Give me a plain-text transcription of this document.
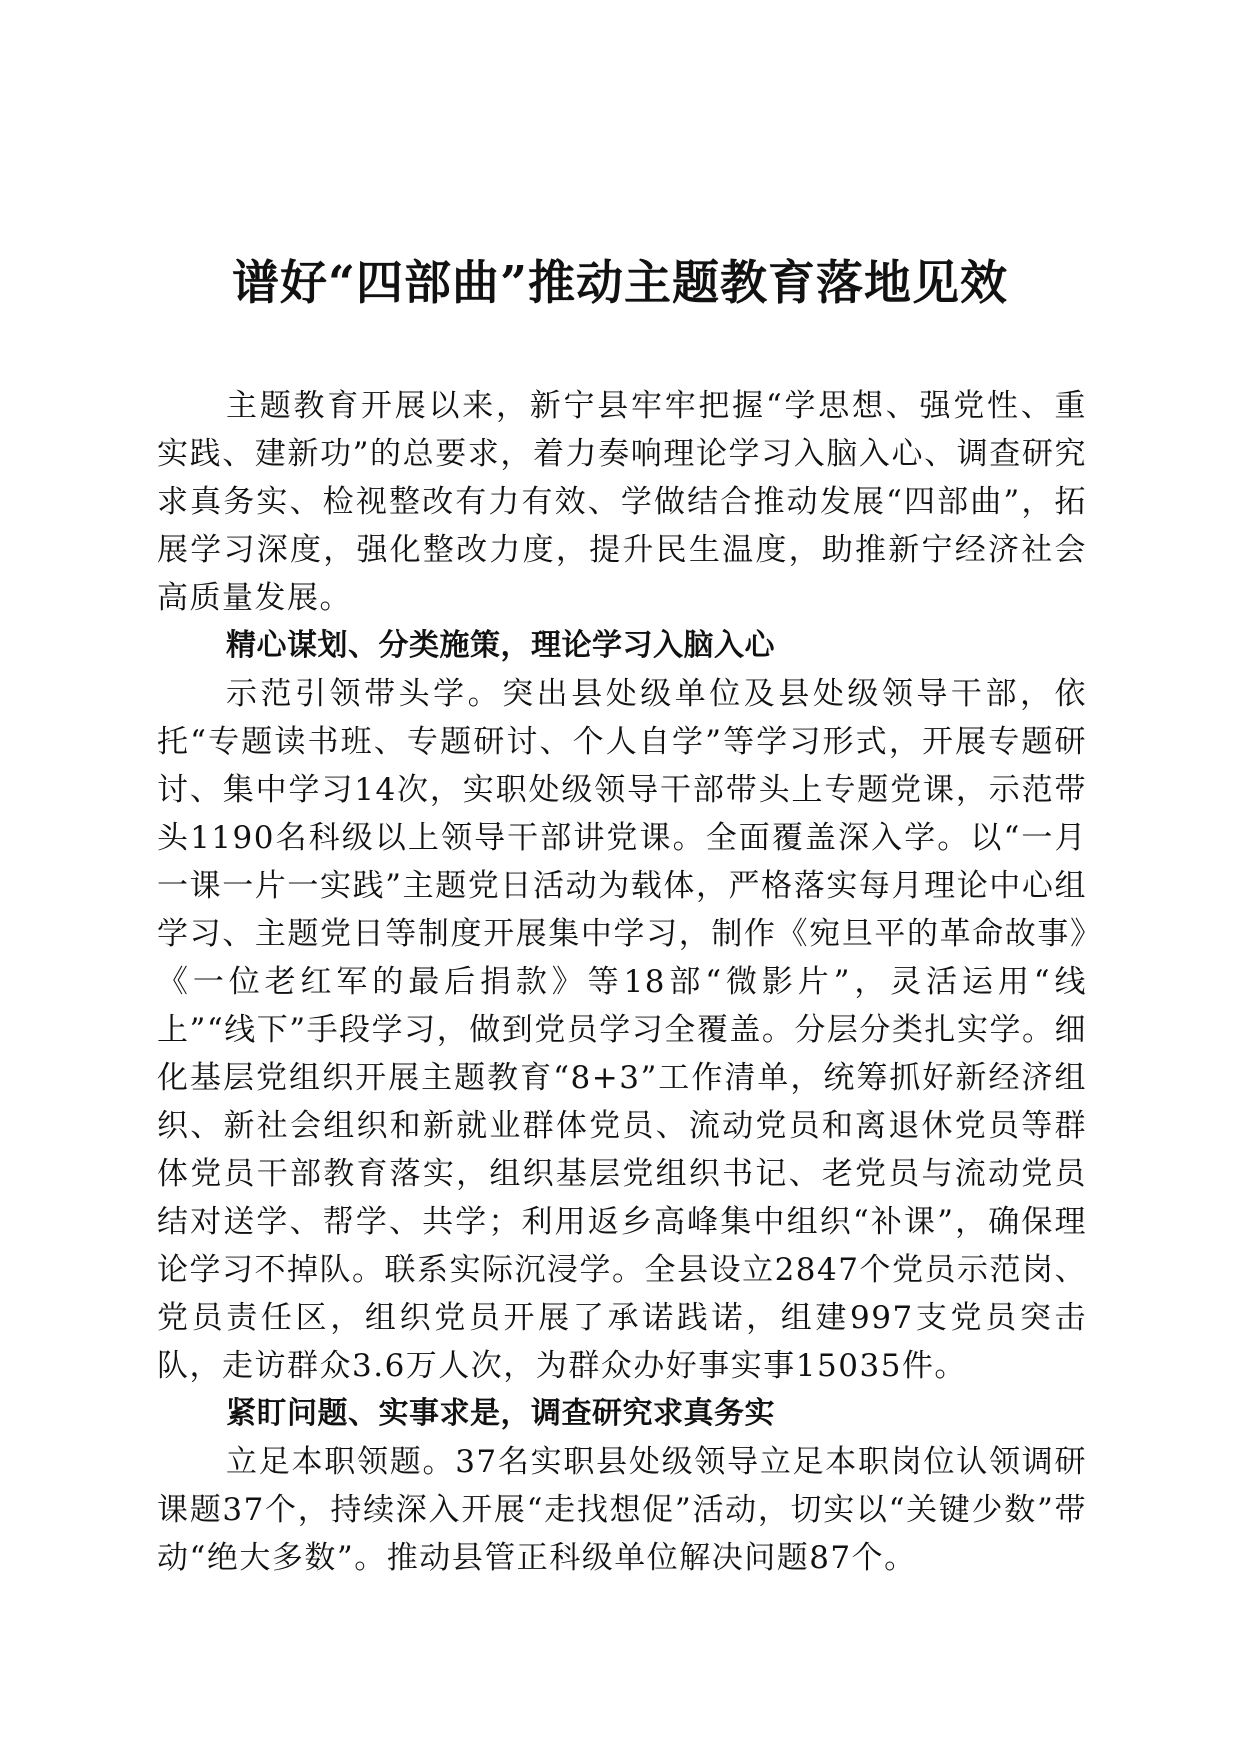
谱好“四部曲”推动主题教育落地见效

主题教育开展以来，新宁县牢牢把握“学思想、强党性、重实践、建新功”的总要求，着力奏响理论学习入脑入心、调查研究求真务实、检视整改有力有效、学做结合推动发展“四部曲”，拓展学习深度，强化整改力度，提升民生温度，助推新宁经济社会高质量发展。

精心谋划、分类施策，理论学习入脑入心

示范引领带头学。突出县处级单位及县处级领导干部，依托“专题读书班、专题研讨、个人自学”等学习形式，开展专题研讨、集中学习14次，实职处级领导干部带头上专题党课，示范带头1190名科级以上领导干部讲党课。全面覆盖深入学。以“一月一课一片一实践”主题党日活动为载体，严格落实每月理论中心组学习、主题党日等制度开展集中学习，制作《宛旦平的革命故事》《一位老红军的最后捐款》等18部“微影片”，灵活运用“线上”“线下”手段学习，做到党员学习全覆盖。分层分类扎实学。细化基层党组织开展主题教育“8+3”工作清单，统筹抓好新经济组织、新社会组织和新就业群体党员、流动党员和离退休党员等群体党员干部教育落实，组织基层党组织书记、老党员与流动党员结对送学、帮学、共学；利用返乡高峰集中组织“补课”，确保理论学习不掉队。联系实际沉浸学。全县设立2847个党员示范岗、党员责任区，组织党员开展了承诺践诺，组建997支党员突击队，走访群众3.6万人次，为群众办好事实事15035件。

紧盯问题、实事求是，调查研究求真务实

立足本职领题。37名实职县处级领导立足本职岗位认领调研课题37个，持续深入开展“走找想促”活动，切实以“关键少数”带动“绝大多数”。推动县管正科级单位解决问题87个。
